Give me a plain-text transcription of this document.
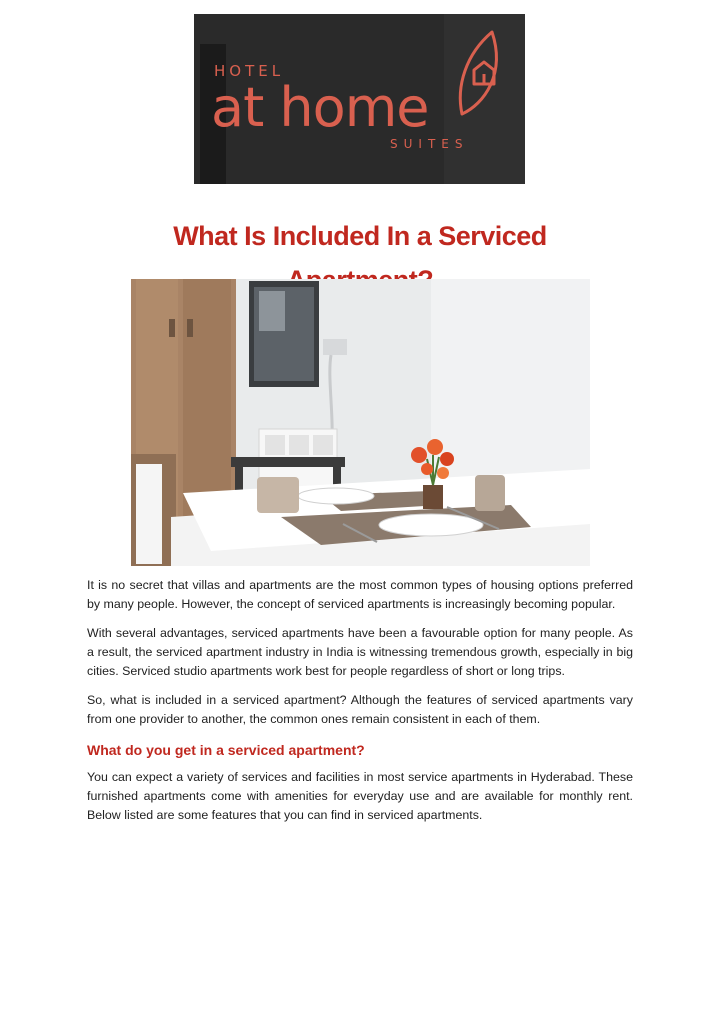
HOTEL
at home
SUITES
What Is Included In a Serviced

It is no secret that villas and apartments are the most common types of housing options preferred by many people. However, the concept of serviced apartments is increasingly becoming popular.

With several advantages, serviced apartments have been a favourable option for many people. As a result, the serviced apartment industry in India is witnessing tremendous growth, especially in big cities. Serviced studio apartments work best for people regardless of short or long trips.

So, what is included in a serviced apartment? Although the features of serviced apartments vary from one provider to another, the common ones remain consistent in each of them.

What do you get in a serviced apartment?

You can expect a variety of services and facilities in most service apartments in Hyderabad. These furnished apartments come with amenities for everyday use and are available for monthly rent. Below listed are some features that you can find in serviced apartments.
